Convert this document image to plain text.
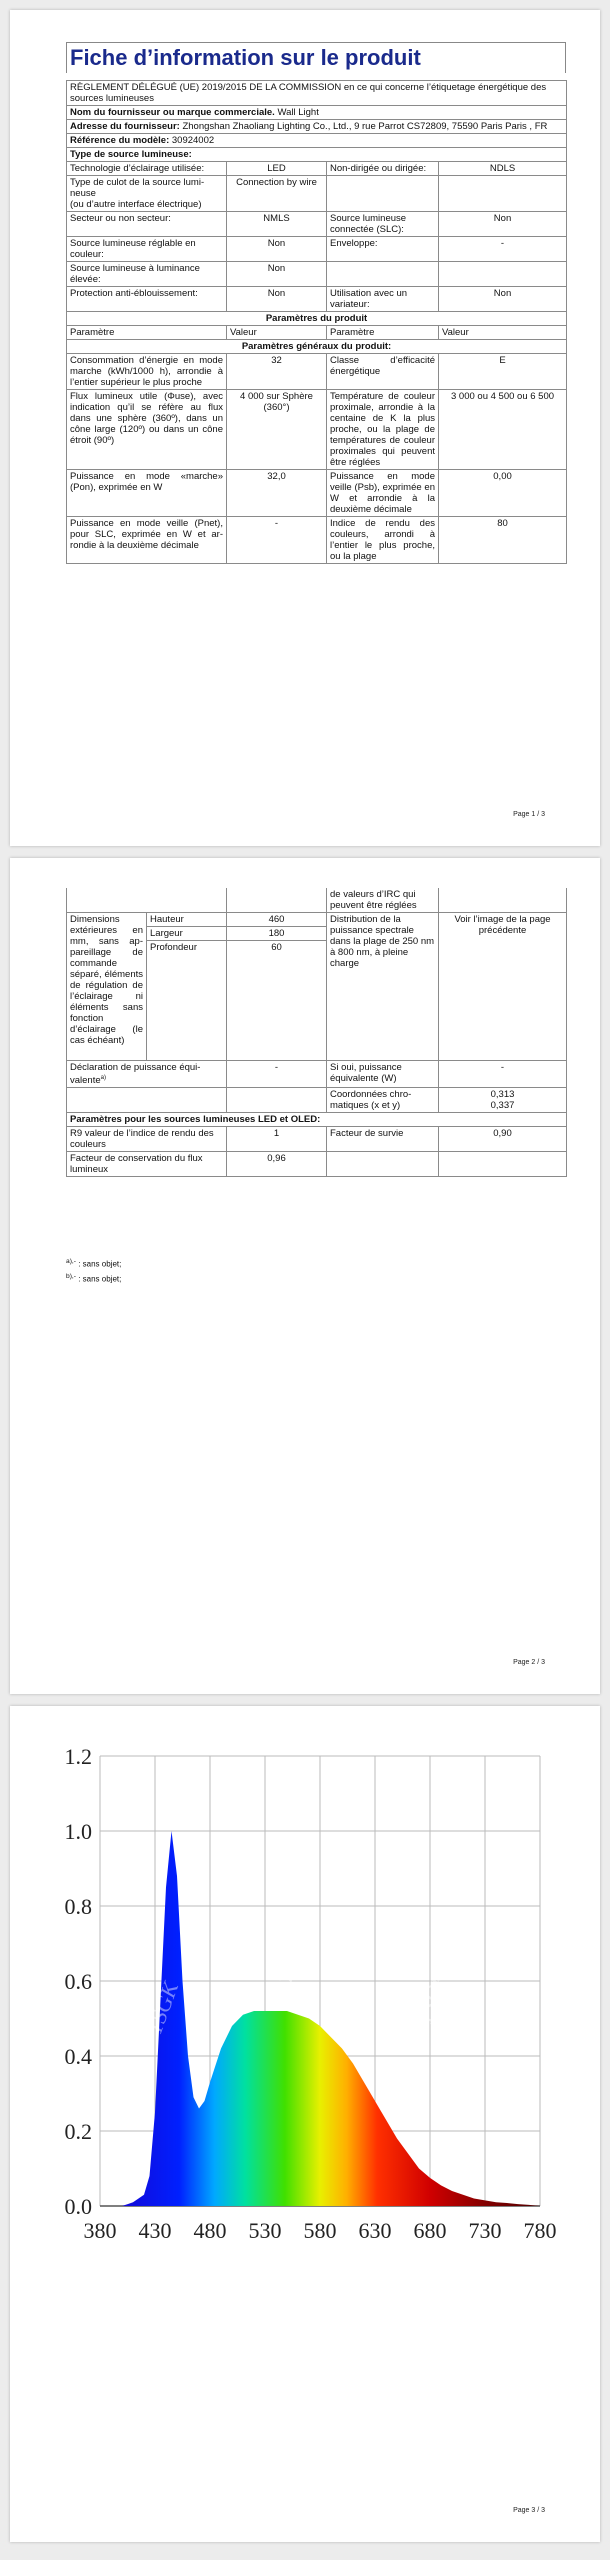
Fiche d’information sur le produit
RÈGLEMENT DÉLÉGUÉ (UE) 2019/2015 DE LA COMMISSION en ce qui concerne l’étiquetage énergétique des sources lumineuses			
Nom du fournisseur ou marque commerciale. Wall Light			
Adresse du fournisseur: Zhongshan Zhaoliang Lighting Co., Ltd., 9 rue Parrot CS72809, 75590 Paris Paris , FR			
Référence du modèle: 30924002			
Type de source lumineuse:			
Technologie d’éclairage utilisée:	LED	Non-dirigée ou dirigée:	NDLS
Type de culot de la source lumineuse
(ou d’autre interface électrique)	Connection by wire		
Secteur ou non secteur:	NMLS	Source lumineuse connectée (SLC):	Non
Source lumineuse réglable en couleur:	Non	Enveloppe:	-
Source lumineuse à luminance élevée:	Non		
Protection anti-éblouissement:	Non	Utilisation avec un variateur:	Non
Paramètres du produit			
Paramètre	Valeur	Paramètre	Valeur
Paramètres généraux du produit:			
Consommation d’énergie en mode marche (kWh/1000 h), arrondie à l’entier supérieur le plus proche	32	Classe d’efficacité énergétique	E
Flux lumineux utile (Φuse), avec indication qu’il se réfère au flux dans une sphère (360º), dans un cône large (120º) ou dans un cône étroit (90º)	4 000 sur Sphère (360°)	Température de couleur proximale, arrondie à la centaine de K la plus proche, ou la plage de températures de couleur proximales qui peuvent être réglées	3 000 ou 4 500 ou 6 500
Puissance en mode «marche» (Pon), exprimée en W	32,0	Puissance en mode veille (Psb), exprimée en W et arrondie à la deuxième décimale	0,00
Puissance en mode veille (Pnet), pour SLC, exprimée en W et arrondie à la deuxième décimale	-	Indice de rendu des couleurs, arrondi à l’entier le plus proche, ou la plage	80
Page 1 / 3
			de valeurs d’IRC qui peuvent être réglées	
Dimensions extérieures en mm, sans appareillage de commande séparé, éléments de régulation de l’éclairage ni éléments sans fonction d’éclairage (le cas échéant)	Hauteur	460	Distribution de la puissance spectrale dans la plage de 250 nm à 800 nm, à pleine charge	Voir l’image de la page précédente
	Largeur	180		
	Profondeur	60		
Déclaration de puissance équivalente$^{a)}$		-	Si oui, puissance équivalente (W)	-
			Coordonnées chromatiques (x et y)	0,313
0,337
Paramètres pour les sources lumineuses LED et OLED:				
R9 valeur de l’indice de rendu des couleurs		1	Facteur de survie	0,90
Facteur de conservation du flux lumineux		0,96		
$^{a),-}$ : sans objet;
$^{b),-}$ : sans objet;
Page 2 / 3
TSGK
TSGK
TSGK
380 430 480 530 580 630 680 730 780
0.0
0.2
0.4
0.6
0.8
1.0
1.2
Page 3 / 3
